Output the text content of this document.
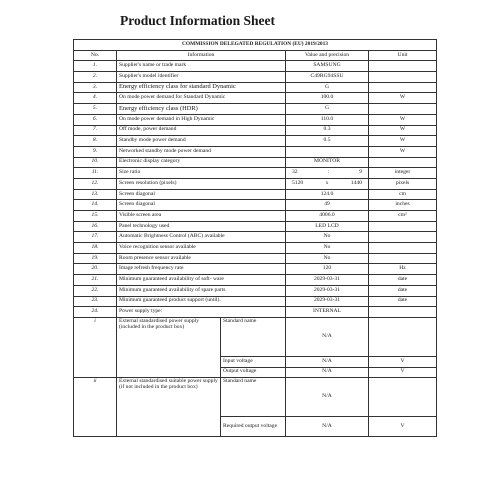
Product Information Sheet
COMMISSION DELEGATED REGULATION (EU) 2019/2013				
No.	Information		Value and precision	Unit
1.	Supplier's name or trade mark		SAMSUNG	
2.	Supplier's model identifier		C49RG94SSU	
3.	Energy efficiency class for standard Dynamic		G	
4.	On mode power demand for Standard Dynamic		100.0	W
5.	Energy efficiency class (HDR)		G	
6.	On mode power demand in High Dynamic		110.0	W
7.	Off mode, power demand		0.3	W
8.	Standby mode power demand		0.5	W
9.	Networked standby mode power demand			W
10.	Electronic display category		MONITOR	
11.	Size ratio		32 : 9	integer
12.	Screen resolution (pixels)		5120 x 1440	pixels
13.	Screen diagonal		124.0	cm
14.	Screen diagonal		49	inches
15.	Visible screen area		4006.0	cm²
16.	Panel technology used		LED LCD	
17.	Automatic Brightness Control (ABC) available		No	
18.	Voice recognition sensor available		No	
19.	Room presence sensor available		No	
20.	Image refresh frequency rate		120	Hz
21.	Minimum guaranteed availability of soft- ware		2029-03-31	date
22.	Minimum guaranteed availability of spare parts		2029-03-31	date
23.	Minimum guaranteed product support (until).		2029-03-31	date
24.	Power supply type:		INTERNAL	
i	External standardised power supply (included in the product box)	Standard name	N/A	
		Input voltage	N/A	V
		Output voltage	N/A	V
ii	External standardised suitable power supply (if not included in the product box)	Standard name	N/A	
		Required output voltage	N/A	V
